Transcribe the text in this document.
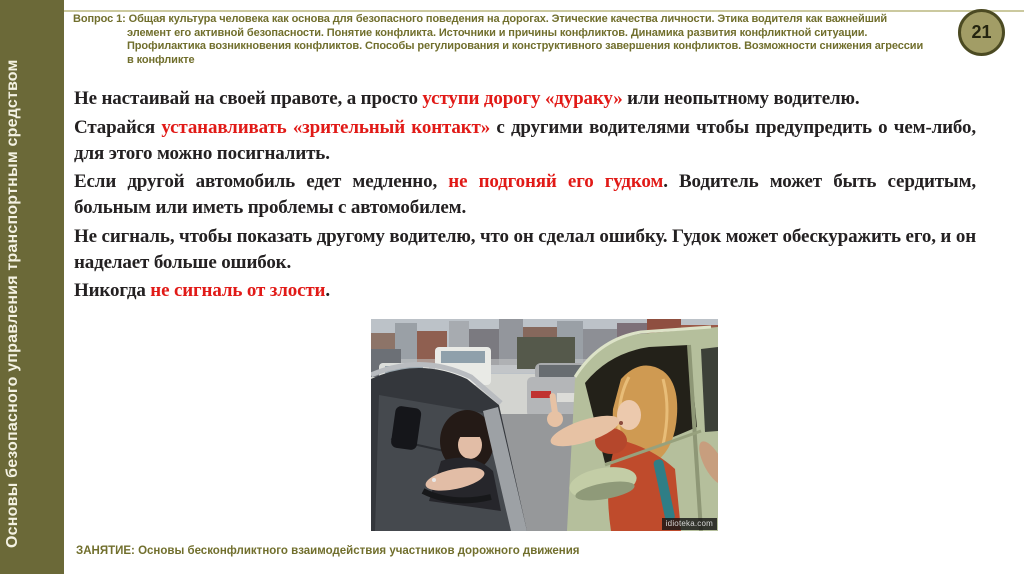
Основы безопасного управления транспортным средством
Вопрос 1: Общая культура человека как основа для безопасного поведения на дорогах. Этические качества личности. Этика водителя как важнейший
элемент его активной безопасности. Понятие конфликта. Источники и причины конфликтов. Динамика развития конфликтной ситуации.
Профилактика возникновения конфликтов. Способы регулирования и конструктивного завершения конфликтов. Возможности снижения агрессии
в конфликте
21

Не настаивай на своей правоте, а просто уступи дорогу «дураку» или неопытному водителю.

Старайся устанавливать «зрительный контакт» с другими водителями чтобы предупредить о чем-либо, для этого можно посигналить.

Если другой автомобиль едет медленно, не подгоняй его гудком. Водитель может быть сердитым, больным или иметь проблемы с автомобилем.

Не сигналь, чтобы показать другому водителю, что он сделал ошибку. Гудок может обескуражить его, и он наделает больше ошибок.

Никогда не сигналь от злости.

idioteka.com
ЗАНЯТИЕ: Основы бесконфликтного взаимодействия участников дорожного движения
